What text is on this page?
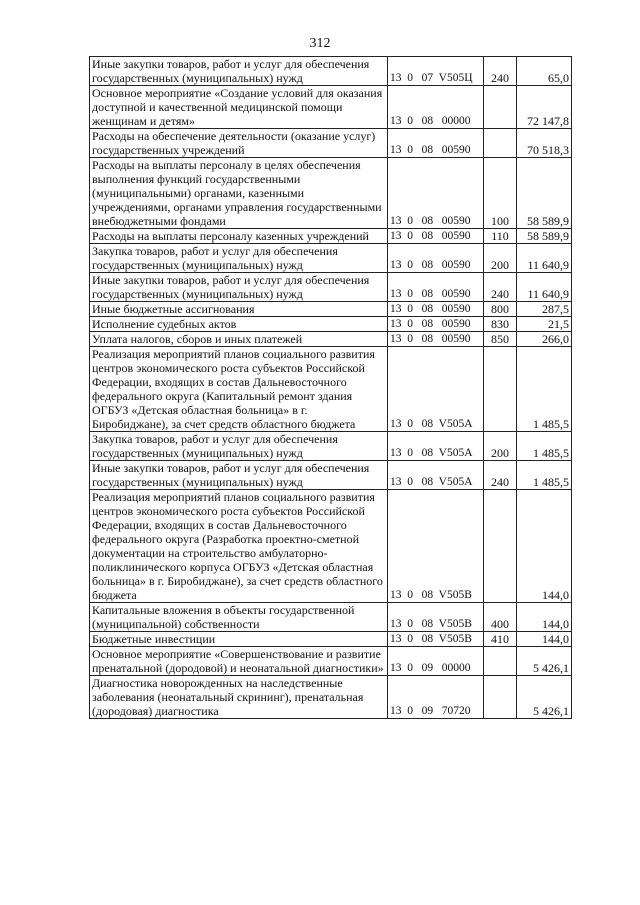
312
Иные закупки товаров, работ и услуг для обеспечения государственных (муниципальных) нужд	13  0   07  V505Ц	240	65,0
Основное мероприятие «Создание условий для оказания доступной и качественной медицинской помощи женщинам и детям»	13  0   08   00000		72 147,8
Расходы на обеспечение деятельности (оказание услуг) государственных учреждений	13  0   08   00590		70 518,3
Расходы на выплаты персоналу в целях обеспечения выполнения функций государственными (муниципальными) органами, казенными учреждениями, органами управления государственными внебюджетными фондами	13  0   08   00590	100	58 589,9
Расходы на выплаты персоналу казенных учреждений	13  0   08   00590	110	58 589,9
Закупка товаров, работ и услуг для обеспечения государственных (муниципальных) нужд	13  0   08   00590	200	11 640,9
Иные закупки товаров, работ и услуг для обеспечения государственных (муниципальных) нужд	13  0   08   00590	240	11 640,9
Иные бюджетные ассигнования	13  0   08   00590	800	287,5
Исполнение судебных актов	13  0   08   00590	830	21,5
Уплата налогов, сборов и иных платежей	13  0   08   00590	850	266,0
Реализация мероприятий планов социального развития центров экономического роста субъектов Российской Федерации, входящих в состав Дальневосточного федерального округа (Капитальный ремонт здания ОГБУЗ «Детская областная больница» в г. Биробиджане), за счет средств областного бюджета	13  0   08  V505А		1 485,5
Закупка товаров, работ и услуг для обеспечения государственных (муниципальных) нужд	13  0   08  V505А	200	1 485,5
Иные закупки товаров, работ и услуг для обеспечения государственных (муниципальных) нужд	13  0   08  V505А	240	1 485,5
Реализация мероприятий планов социального развития центров экономического роста субъектов Российской Федерации, входящих в состав Дальневосточного федерального округа (Разработка проектно-сметной документации на строительство амбулаторно-поликлинического корпуса ОГБУЗ «Детская областная больница» в г. Биробиджане), за счет средств областного бюджета	13  0   08  V505В		144,0
Капитальные вложения в объекты государственной (муниципальной) собственности	13  0   08  V505В	400	144,0
Бюджетные инвестиции	13  0   08  V505В	410	144,0
Основное мероприятие «Совершенствование и развитие пренатальной (дородовой) и неонатальной диагностики»	13  0   09   00000		5 426,1
Диагностика новорожденных на наследственные заболевания (неонатальный скрининг), пренатальная (дородовая) диагностика	13  0   09   70720		5 426,1
